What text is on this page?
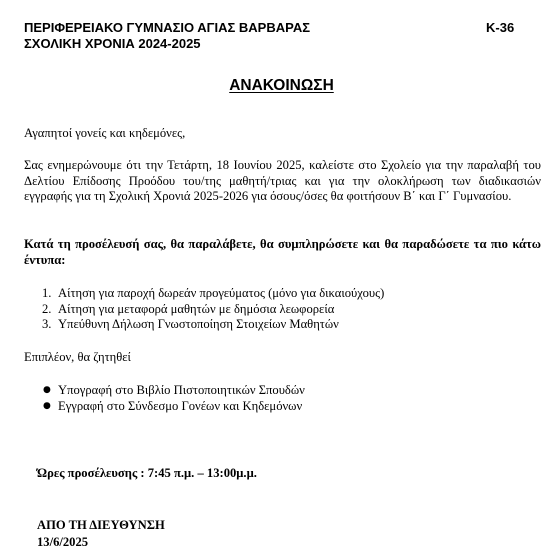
ΠΕΡΙΦΕΡΕΙΑΚΟ ΓΥΜΝΑΣΙΟ ΑΓΙΑΣ ΒΑΡΒΑΡΑΣ	Κ-36
ΣΧΟΛΙΚΗ ΧΡΟΝΙΑ 2024-2025
ΑΝΑΚΟΙΝΩΣΗ
Αγαπητοί γονείς και κηδεμόνες,
Σας ενημερώνουμε ότι την Τετάρτη, 18 Ιουνίου 2025, καλείστε στο Σχολείο για την παραλαβή του Δελτίου Επίδοσης Προόδου του/της μαθητή/τριας και για την ολοκλήρωση των διαδικασιών εγγραφής για τη Σχολική Χρονιά 2025-2026 για όσους/όσες θα φοιτήσουν Β΄ και Γ΄ Γυμνασίου.
Κατά τη προσέλευσή σας, θα παραλάβετε, θα συμπληρώσετε και θα παραδώσετε τα πιο κάτω έντυπα:
1. Αίτηση για παροχή δωρεάν προγεύματος (μόνο για δικαιούχους)
2. Αίτηση για μεταφορά μαθητών με δημόσια λεωφορεία
3. Υπεύθυνη Δήλωση Γνωστοποίηση Στοιχείων Μαθητών
Επιπλέον, θα ζητηθεί
● Υπογραφή στο Βιβλίο Πιστοποιητικών Σπουδών
● Εγγραφή στο Σύνδεσμο Γονέων και Κηδεμόνων
Ώρες προσέλευσης : 7:45 π.μ. – 13:00μ.μ.
ΑΠΟ ΤΗ ΔΙΕΥΘΥΝΣΗ
13/6/2025
